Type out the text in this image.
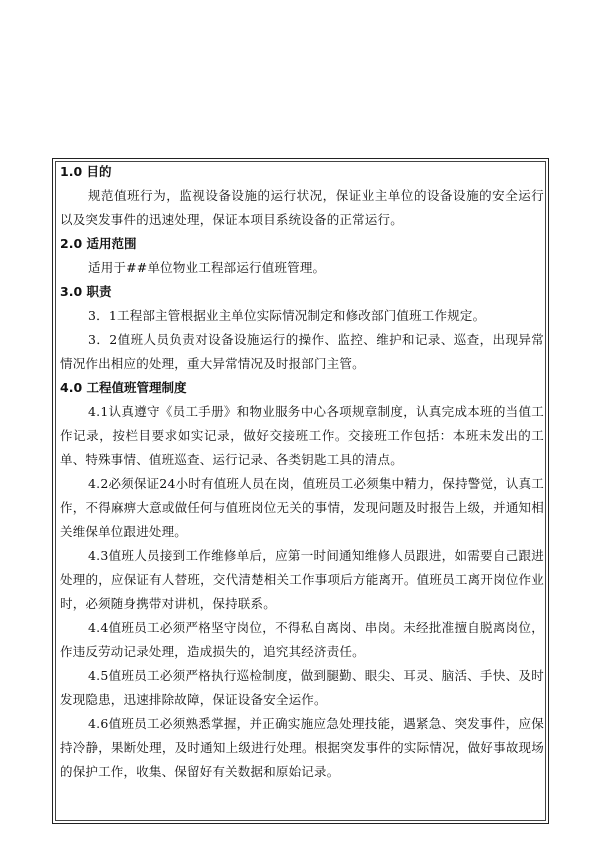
1.0 目的

规范值班行为，监视设备设施的运行状况，保证业主单位的设备设施的安全运行以及突发事件的迅速处理，保证本项目系统设备的正常运行。

2.0 适用范围

适用于##单位物业工程部运行值班管理。

3.0 职责

3．1工程部主管根据业主单位实际情况制定和修改部门值班工作规定。

3．2值班人员负责对设备设施运行的操作、监控、维护和记录、巡查，出现异常情况作出相应的处理，重大异常情况及时报部门主管。

4.0 工程值班管理制度

4.1认真遵守《员工手册》和物业服务中心各项规章制度，认真完成本班的当值工作记录，按栏目要求如实记录，做好交接班工作。交接班工作包括：本班未发出的工单、特殊事情、值班巡查、运行记录、各类钥匙工具的清点。

4.2必须保证24小时有值班人员在岗，值班员工必须集中精力，保持警觉，认真工作，不得麻痹大意或做任何与值班岗位无关的事情，发现问题及时报告上级，并通知相关维保单位跟进处理。

4.3值班人员接到工作维修单后，应第一时间通知维修人员跟进，如需要自己跟进处理的，应保证有人替班，交代清楚相关工作事项后方能离开。值班员工离开岗位作业时，必须随身携带对讲机，保持联系。

4.4值班员工必须严格坚守岗位，不得私自离岗、串岗。未经批准擅自脱离岗位，作违反劳动记录处理，造成损失的，追究其经济责任。

4.5值班员工必须严格执行巡检制度，做到腿勤、眼尖、耳灵、脑活、手快、及时发现隐患，迅速排除故障，保证设备安全运作。

4.6值班员工必须熟悉掌握，并正确实施应急处理技能，遇紧急、突发事件，应保持冷静，果断处理，及时通知上级进行处理。根据突发事件的实际情况，做好事故现场的保护工作，收集、保留好有关数据和原始记录。
